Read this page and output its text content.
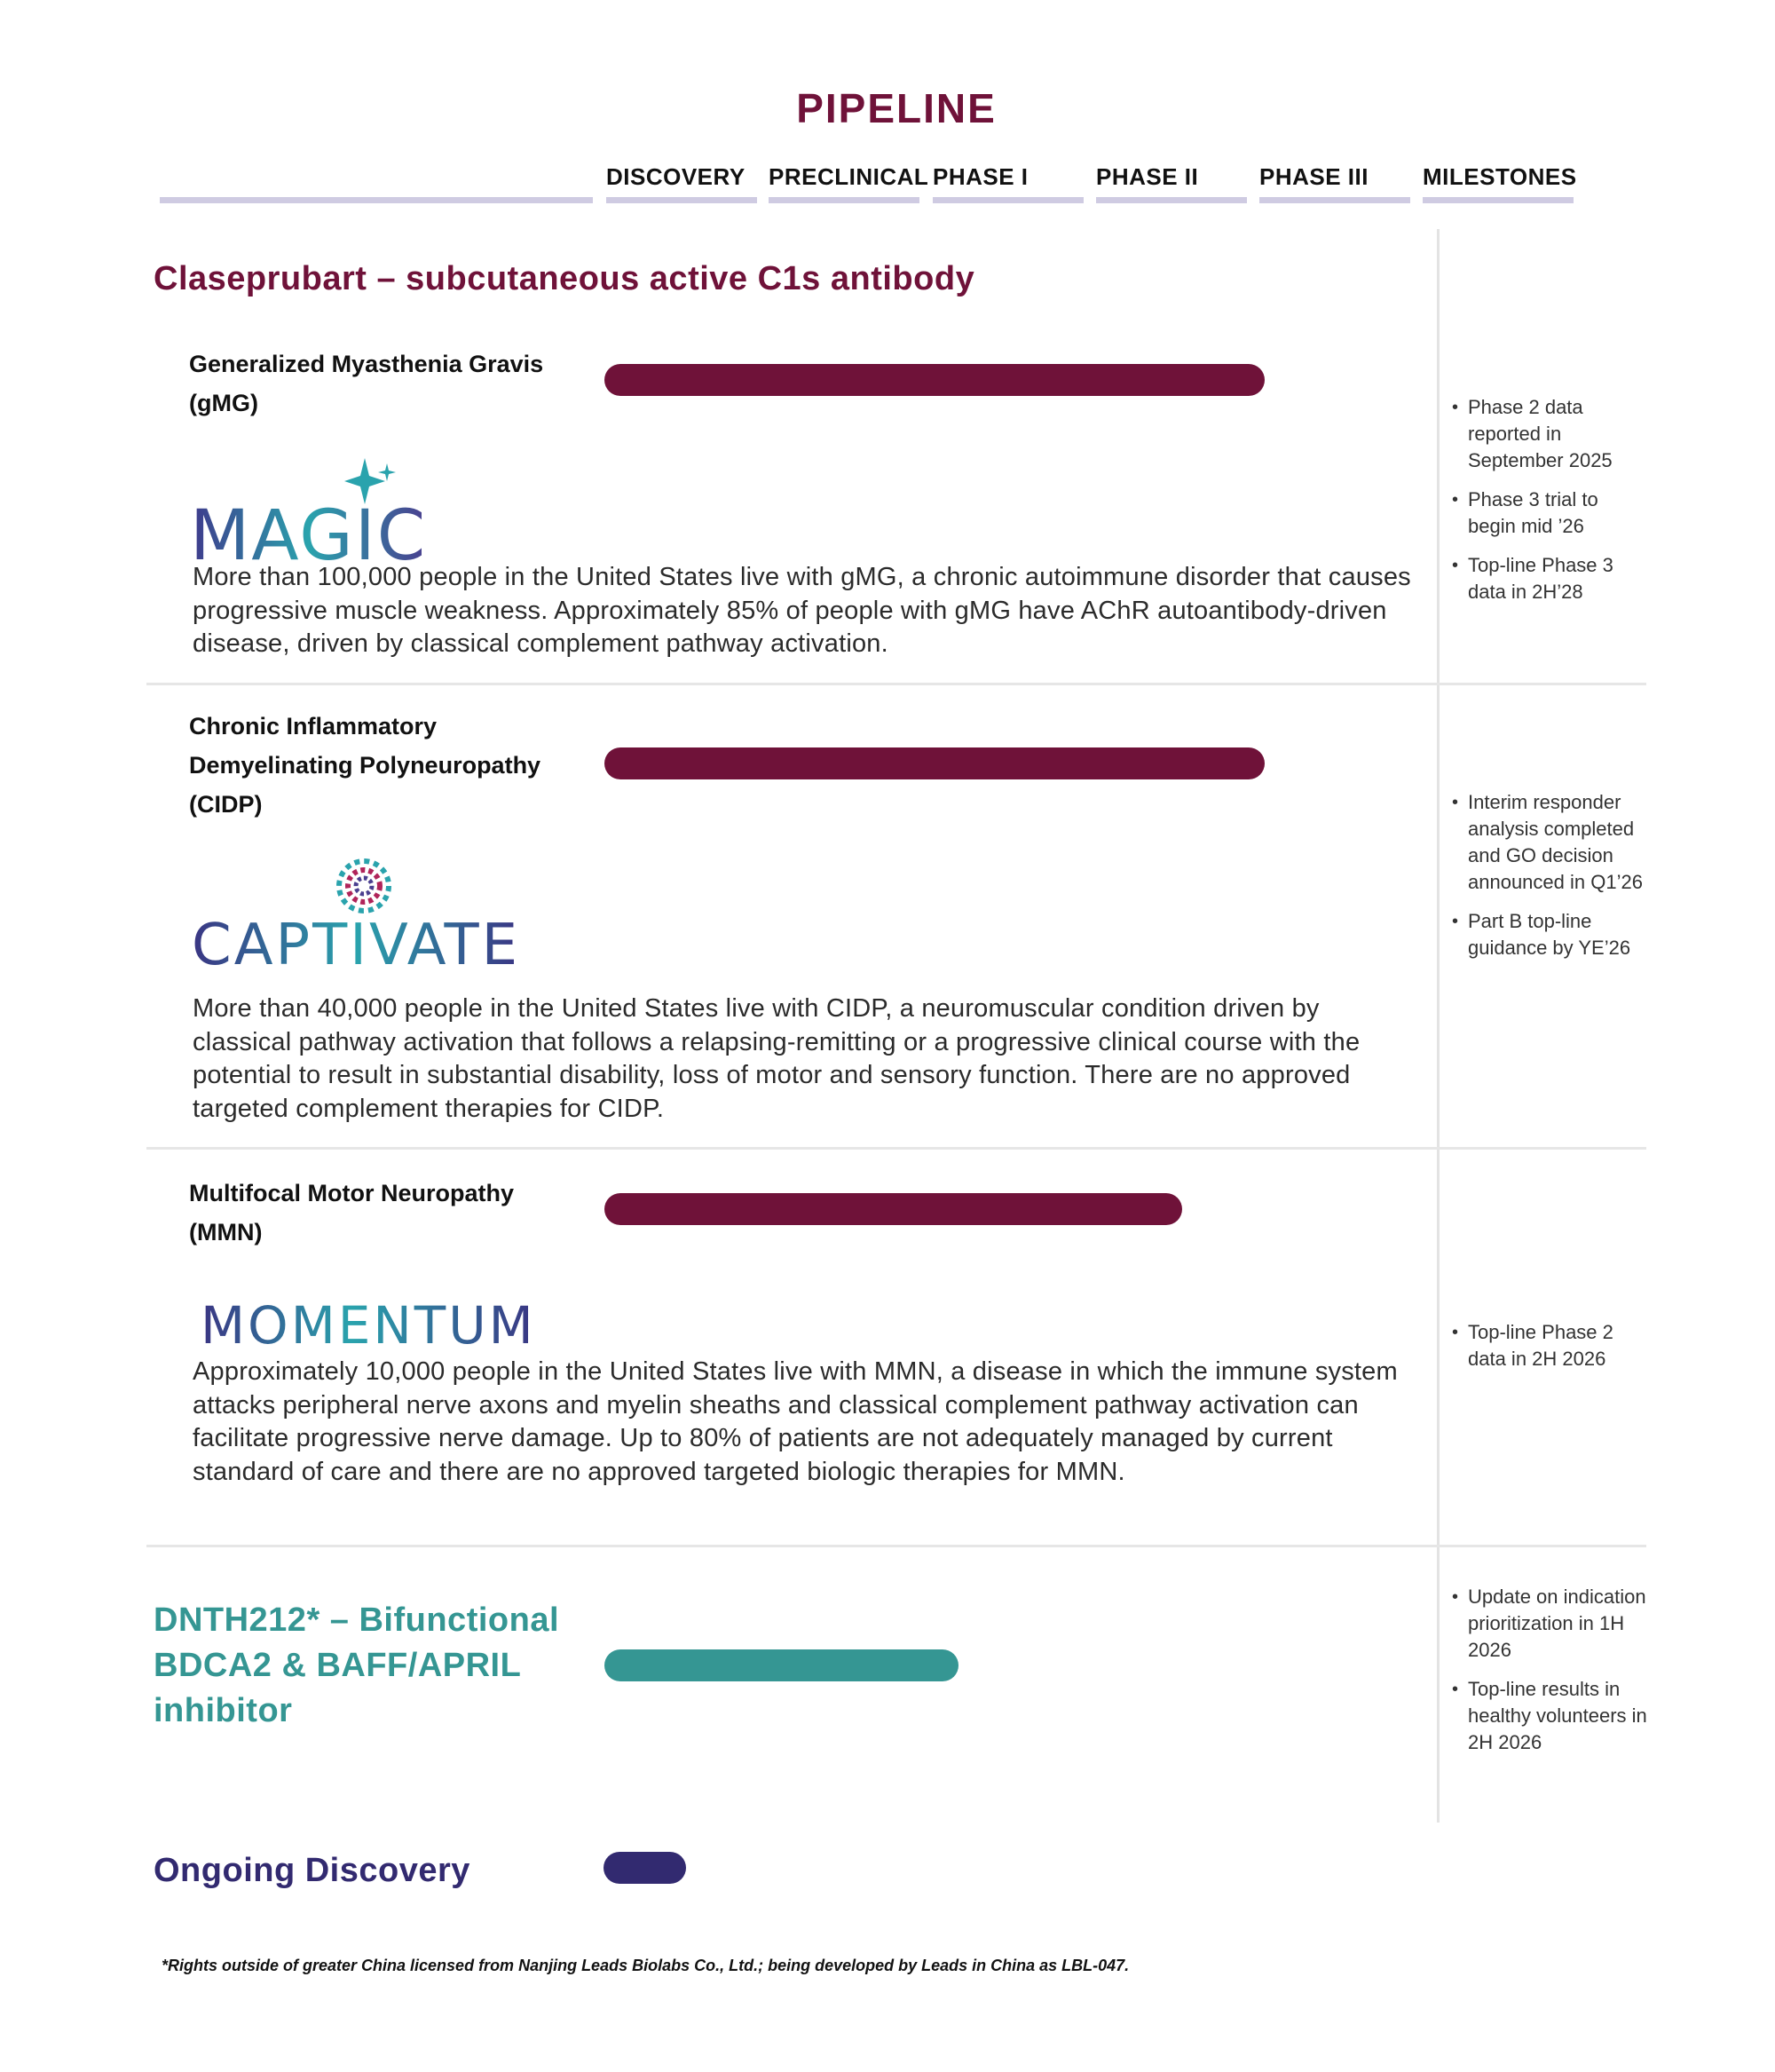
PIPELINE
DISCOVERY PRECLINICAL PHASE I	PHASE II	PHASE III MILESTONES
Claseprubart – subcutaneous active C1s antibody
Generalized Myasthenia Gravis
(gMG)
MAGIC
More than 100,000 people in the United States live with gMG, a chronic autoimmune disorder that causes progressive muscle weakness. Approximately 85% of people with gMG have AChR autoantibody-driven disease, driven by classical complement pathway activation.
• Phase 2 data reported in September 2025
• Phase 3 trial to begin mid ’26
• Top-line Phase 3 data in 2H’28
Chronic Inflammatory
Demyelinating Polyneuropathy
(CIDP)
CAPTIVATE
More than 40,000 people in the United States live with CIDP, a neuromuscular condition driven by classical pathway activation that follows a relapsing-remitting or a progressive clinical course with the potential to result in substantial disability, loss of motor and sensory function. There are no approved targeted complement therapies for CIDP.
• Interim responder analysis completed and GO decision announced in Q1’26
• Part B top-line guidance by YE’26
Multifocal Motor Neuropathy
(MMN)
MOMENTUM
Approximately 10,000 people in the United States live with MMN, a disease in which the immune system attacks peripheral nerve axons and myelin sheaths and classical complement pathway activation can facilitate progressive nerve damage. Up to 80% of patients are not adequately managed by current standard of care and there are no approved targeted biologic therapies for MMN.
• Top-line Phase 2 data in 2H 2026
DNTH212* – Bifunctional
BDCA2 & BAFF/APRIL
inhibitor
• Update on indication prioritization in 1H 2026
• Top-line results in healthy volunteers in 2H 2026
Ongoing Discovery
*Rights outside of greater China licensed from Nanjing Leads Biolabs Co., Ltd.; being developed by Leads in China as LBL-047.
